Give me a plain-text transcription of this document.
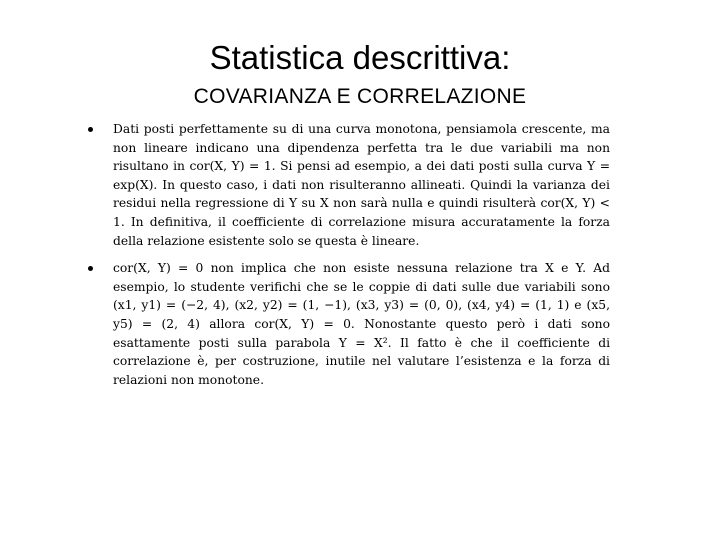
Statistica descrittiva:
COVARIANZA E CORRELAZIONE

Dati posti perfettamente su di una curva monotona, pensiamola crescente, ma non lineare indicano una dipendenza perfetta tra le due variabili ma non risultano in cor(X, Y) = 1. Si pensi ad esempio, a dei dati posti sulla curva Y = exp(X). In questo caso, i dati non risulteranno allineati. Quindi la varianza dei residui nella regressione di Y su X non sarà nulla e quindi risulterà cor(X, Y) < 1. In definitiva, il coefficiente di correlazione misura accuratamente la forza della relazione esistente solo se questa è lineare.

cor(X, Y) = 0 non implica che non esiste nessuna relazione tra X e Y. Ad esempio, lo studente verifichi che se le coppie di dati sulle due variabili sono (x1, y1) = (−2, 4), (x2, y2) = (1, −1), (x3, y3) = (0, 0), (x4, y4) = (1, 1) e (x5, y5) = (2, 4) allora cor(X, Y) = 0. Nonostante questo però i dati sono esattamente posti sulla parabola Y = X². Il fatto è che il coefficiente di correlazione è, per costruzione, inutile nel valutare l’esistenza e la forza di relazioni non monotone.
